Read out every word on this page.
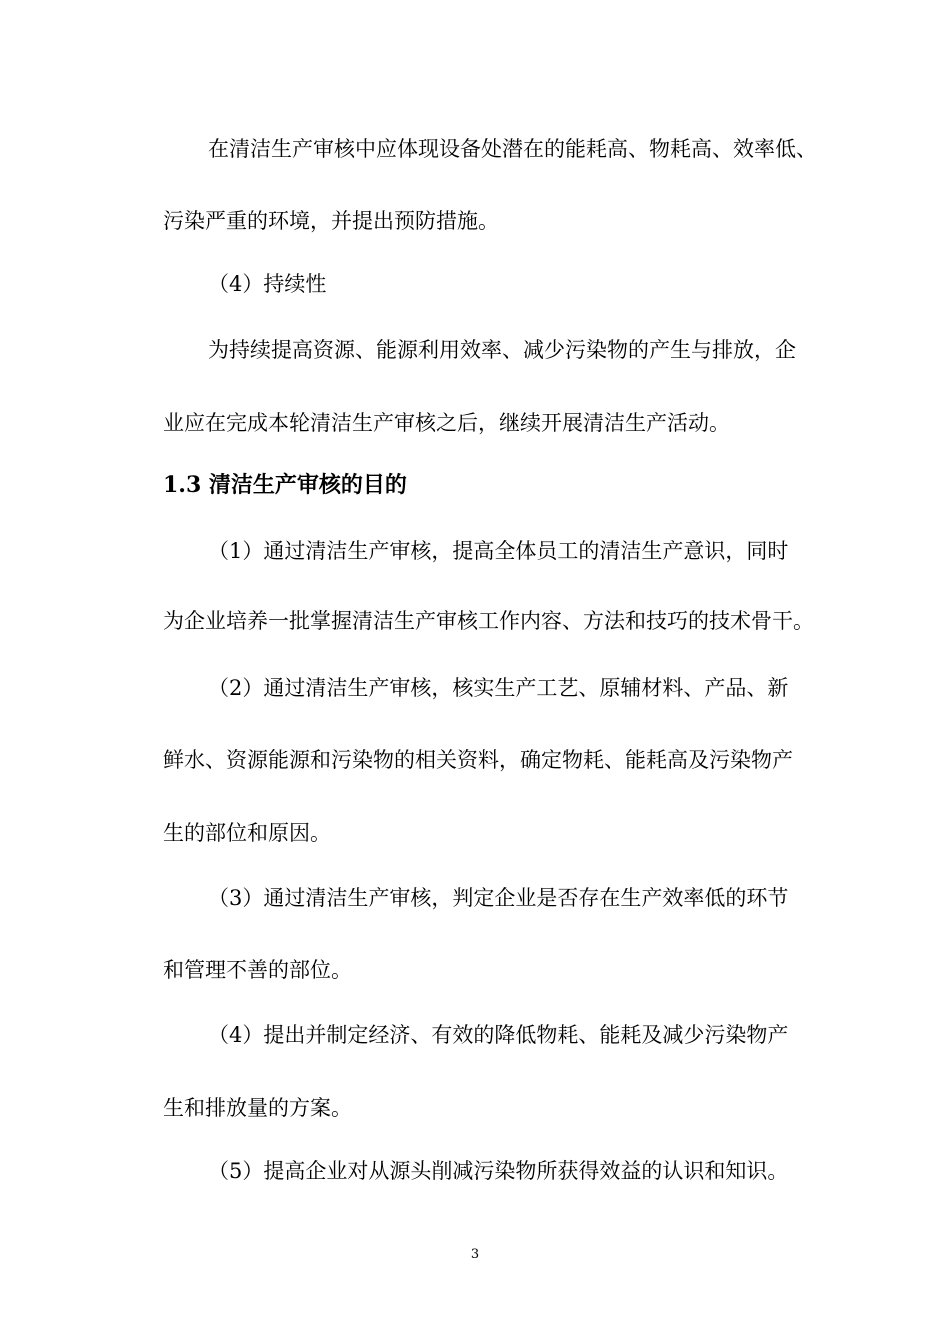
在清洁生产审核中应体现设备处潜在的能耗高、物耗高、效率低、
污染严重的环境，并提出预防措施。
（4）持续性
为持续提高资源、能源利用效率、减少污染物的产生与排放，企
业应在完成本轮清洁生产审核之后，继续开展清洁生产活动。
1.3 清洁生产审核的目的
（1）通过清洁生产审核，提高全体员工的清洁生产意识，同时
为企业培养一批掌握清洁生产审核工作内容、方法和技巧的技术骨干。
（2）通过清洁生产审核，核实生产工艺、原辅材料、产品、新
鲜水、资源能源和污染物的相关资料，确定物耗、能耗高及污染物产
生的部位和原因。
（3）通过清洁生产审核，判定企业是否存在生产效率低的环节
和管理不善的部位。
（4）提出并制定经济、有效的降低物耗、能耗及减少污染物产
生和排放量的方案。
（5）提高企业对从源头削减污染物所获得效益的认识和知识。
3
